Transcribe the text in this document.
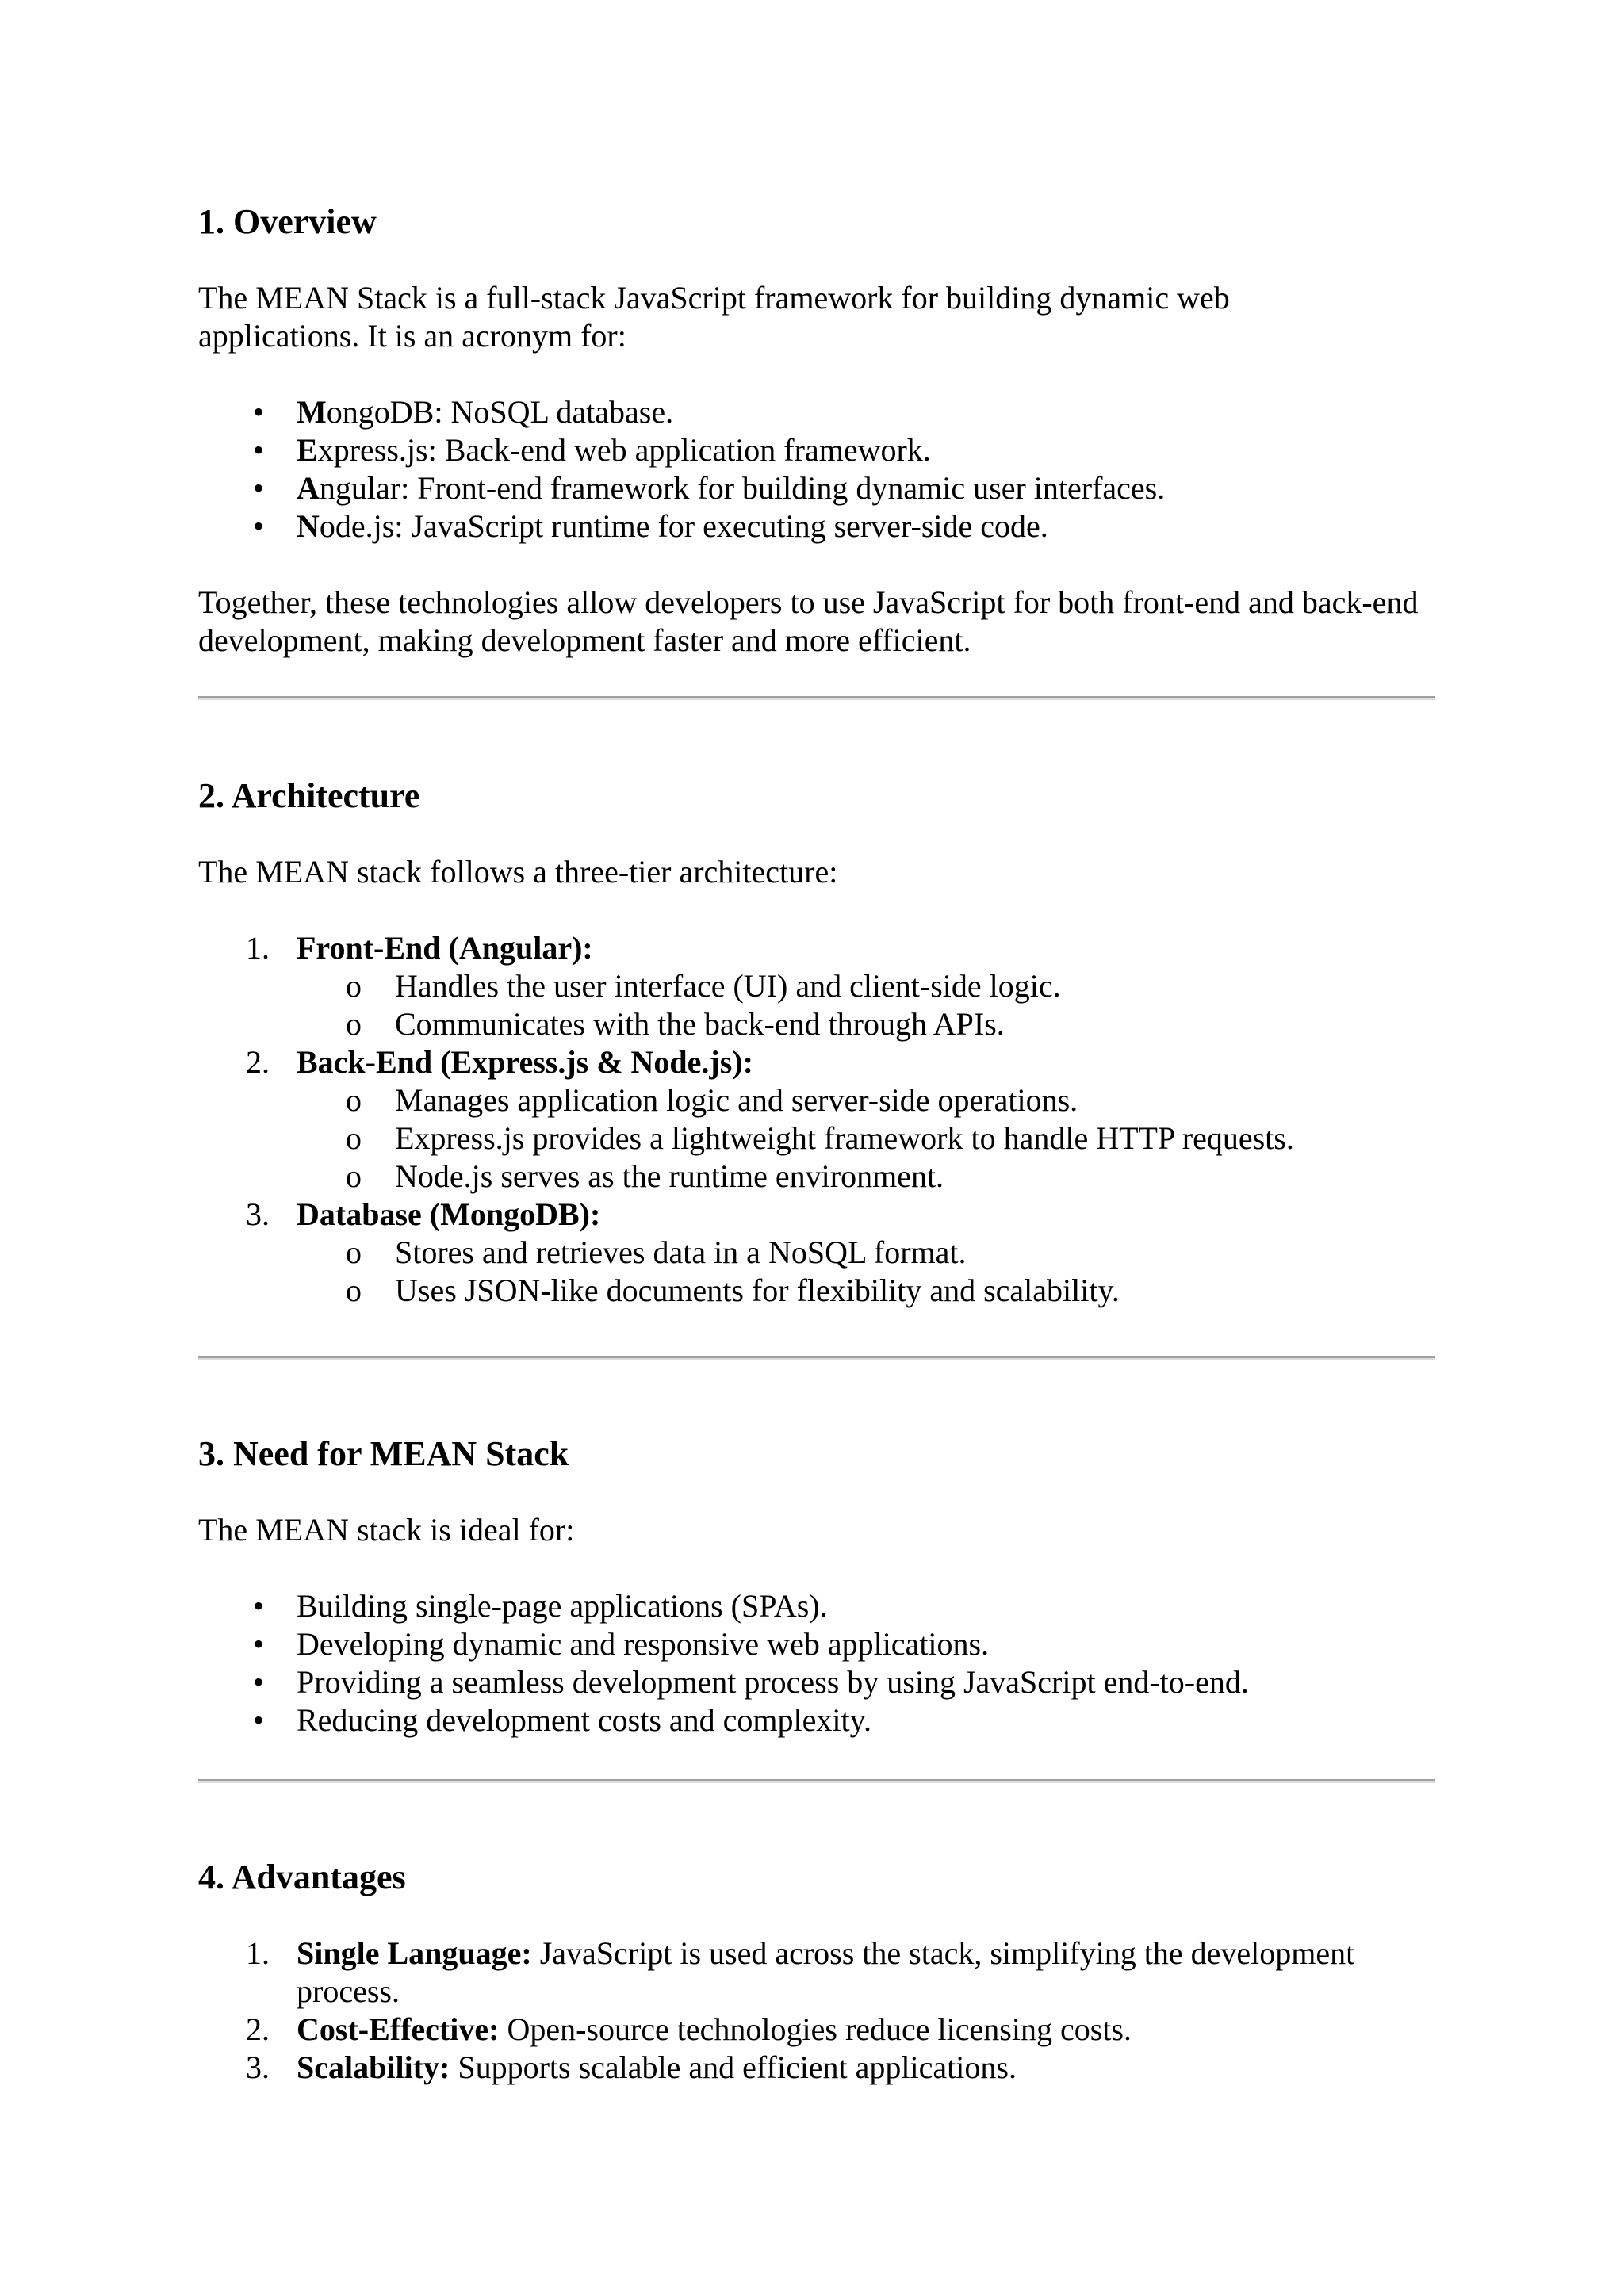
1. Overview

The MEAN Stack is a full-stack JavaScript framework for building dynamic web applications. It is an acronym for:

• MongoDB: NoSQL database.
• Express.js: Back-end web application framework.
• Angular: Front-end framework for building dynamic user interfaces.
• Node.js: JavaScript runtime for executing server-side code.

Together, these technologies allow developers to use JavaScript for both front-end and back-end development, making development faster and more efficient.

2. Architecture

The MEAN stack follows a three-tier architecture:

1. Front-End (Angular):
o Handles the user interface (UI) and client-side logic.
o Communicates with the back-end through APIs.
2. Back-End (Express.js & Node.js):
o Manages application logic and server-side operations.
o Express.js provides a lightweight framework to handle HTTP requests.
o Node.js serves as the runtime environment.
3. Database (MongoDB):
o Stores and retrieves data in a NoSQL format.
o Uses JSON-like documents for flexibility and scalability.
3. Need for MEAN Stack

The MEAN stack is ideal for:

• Building single-page applications (SPAs).
• Developing dynamic and responsive web applications.
• Providing a seamless development process by using JavaScript end-to-end.
• Reducing development costs and complexity.
4. Advantages
1. Single Language: JavaScript is used across the stack, simplifying the development process.
2. Cost-Effective: Open-source technologies reduce licensing costs.
3. Scalability: Supports scalable and efficient applications.
